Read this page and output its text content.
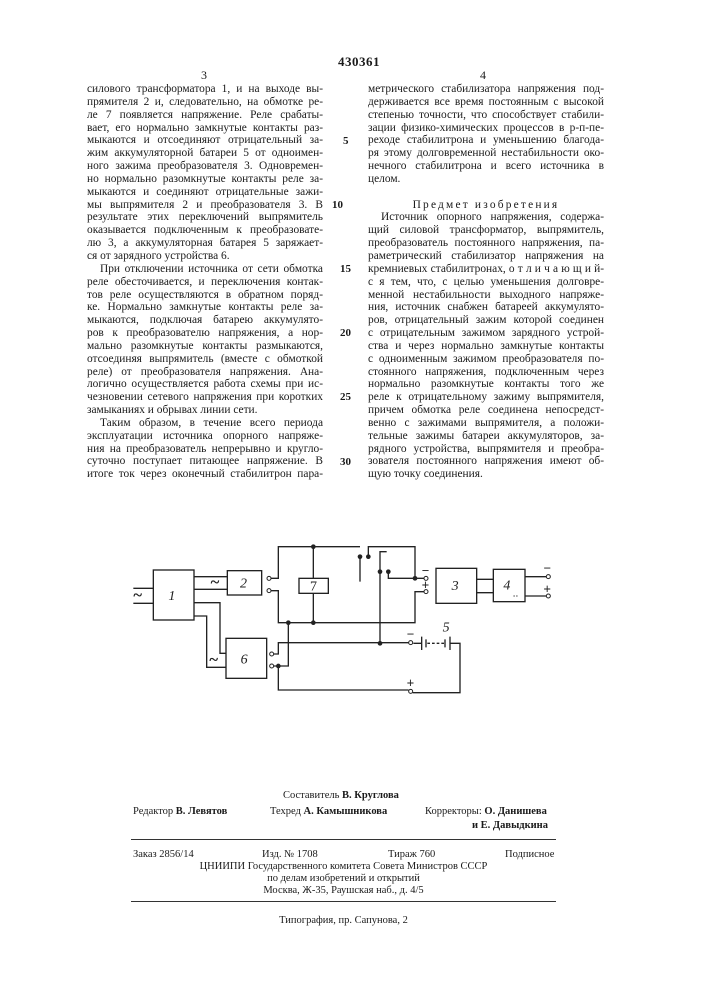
430361
3	4
силового трансформатора 1, и на выходе вы-
прямителя 2 и, следовательно, на обмотке ре-
ле 7 появляется напряжение. Реле срабаты-
вает, его нормально замкнутые контакты раз-
мыкаются и отсоединяют отрицательный за-
жим аккумуляторной батареи 5 от одноимен-
ного зажима преобразователя 3. Одновремен-
но нормально разомкнутые контакты реле за-
мыкаются и соединяют отрицательные зажи-
мы выпрямителя 2 и преобразователя 3. В
результате этих переключений выпрямитель
оказывается подключенным к преобразовате-
лю 3, а аккумуляторная батарея 5 заряжает-
ся от зарядного устройства 6.
При отключении источника от сети обмотка
реле обесточивается, и переключения контак-
тов реле осуществляются в обратном поряд-
ке. Нормально замкнутые контакты реле за-
мыкаются, подключая батарею аккумулято-
ров к преобразователю напряжения, а нор-
мально разомкнутые контакты размыкаются,
отсоединяя выпрямитель (вместе с обмоткой
реле) от преобразователя напряжения. Ана-
логично осуществляется работа схемы при ис-
чезновении сетевого напряжения при коротких
замыканиях и обрывах линии сети.
Таким образом, в течение всего периода
эксплуатации источника опорного напряже-
ния на преобразователь непрерывно и кругло-
суточно поступает питающее напряжение. В
итоге ток через оконечный стабилитрон пара-
метрического стабилизатора напряжения под-
держивается все время постоянным с высокой
степенью точности, что способствует стабили-
зации физико-химических процессов в р-п-пе-
реходе стабилитрона и уменьшению благода-
ря этому долговременной нестабильности око-
нечного стабилитрона и всего источника в
целом.
Предмет изобретения
Источник опорного напряжения, содержа-
щий силовой трансформатор, выпрямитель,
преобразователь постоянного напряжения, па-
раметрический стабилизатор напряжения на
кремниевых стабилитронах, о т л и ч а ю щ и й-
с я тем, что, с целью уменьшения долговре-
менной нестабильности выходного напряже-
ния, источник снабжен батареей аккумулято-
ров, отрицательный зажим которой соединен
с отрицательным зажимом зарядного устрой-
ства и через нормально замкнутые контакты
с одноименным зажимом преобразователя по-
стоянного напряжения, подключенным через
нормально разомкнутые контакты того же
реле к отрицательному зажиму выпрямителя,
причем обмотка реле соединена непосредст-
венно с зажимами выпрямителя, а положи-
тельные зажимы батареи аккумуляторов, за-
рядного устройства, выпрямителя и преобра-
зователя постоянного напряжения имеют об-
щую точку соединения.
5
10
15
20
25
30
1
2	3 4
5
6
7
~
~
~
−
+
−
+
−
+
Составитель В. Круглова
Редактор В. Левятов	Техред А. Камышникова	Корректоры: О. Данишева
и Е. Давыдкина
Заказ 2856/14	Изд. № 1708	Тираж 760	Подписное
ЦНИИПИ Государственного комитета Совета Министров СССР
по делам изобретений и открытий
Москва, Ж-35, Раушская наб., д. 4/5
Типография, пр. Сапунова, 2
